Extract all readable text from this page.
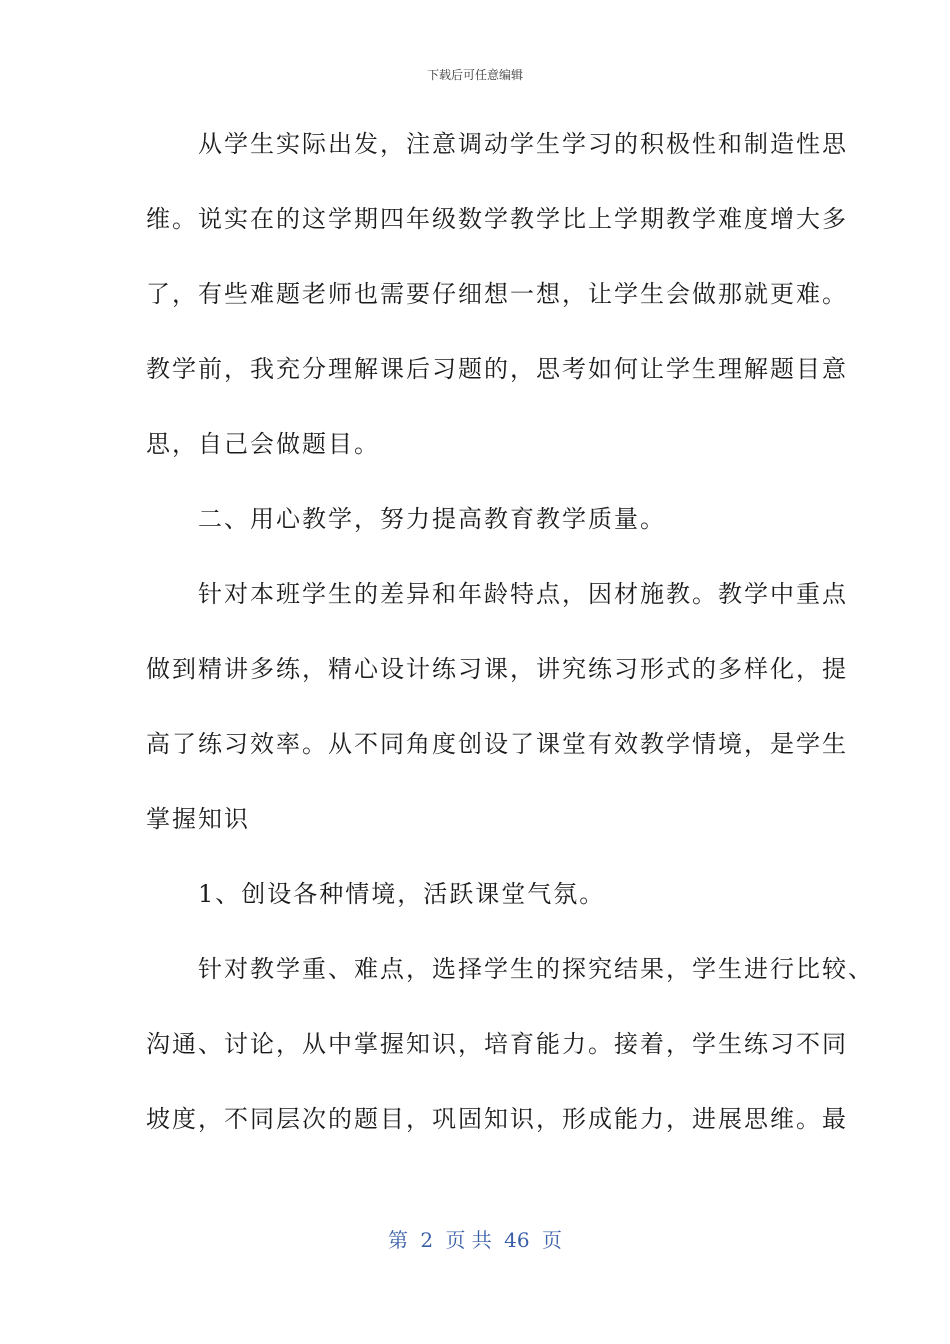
下载后可任意编辑
　　从学生实际出发，注意调动学生学习的积极性和制造性思
维。说实在的这学期四年级数学教学比上学期教学难度增大多
了，有些难题老师也需要仔细想一想，让学生会做那就更难。
教学前，我充分理解课后习题的，思考如何让学生理解题目意
思，自己会做题目。
　　二、用心教学，努力提高教育教学质量。
　　针对本班学生的差异和年龄特点，因材施教。教学中重点
做到精讲多练，精心设计练习课，讲究练习形式的多样化，提
高了练习效率。从不同角度创设了课堂有效教学情境，是学生
掌握知识
　　1、创设各种情境，活跃课堂气氛。
　　针对教学重、难点，选择学生的探究结果，学生进行比较、
沟通、讨论，从中掌握知识，培育能力。接着，学生练习不同
坡度，不同层次的题目，巩固知识，形成能力，进展思维。最
第 2 页 共 46 页
